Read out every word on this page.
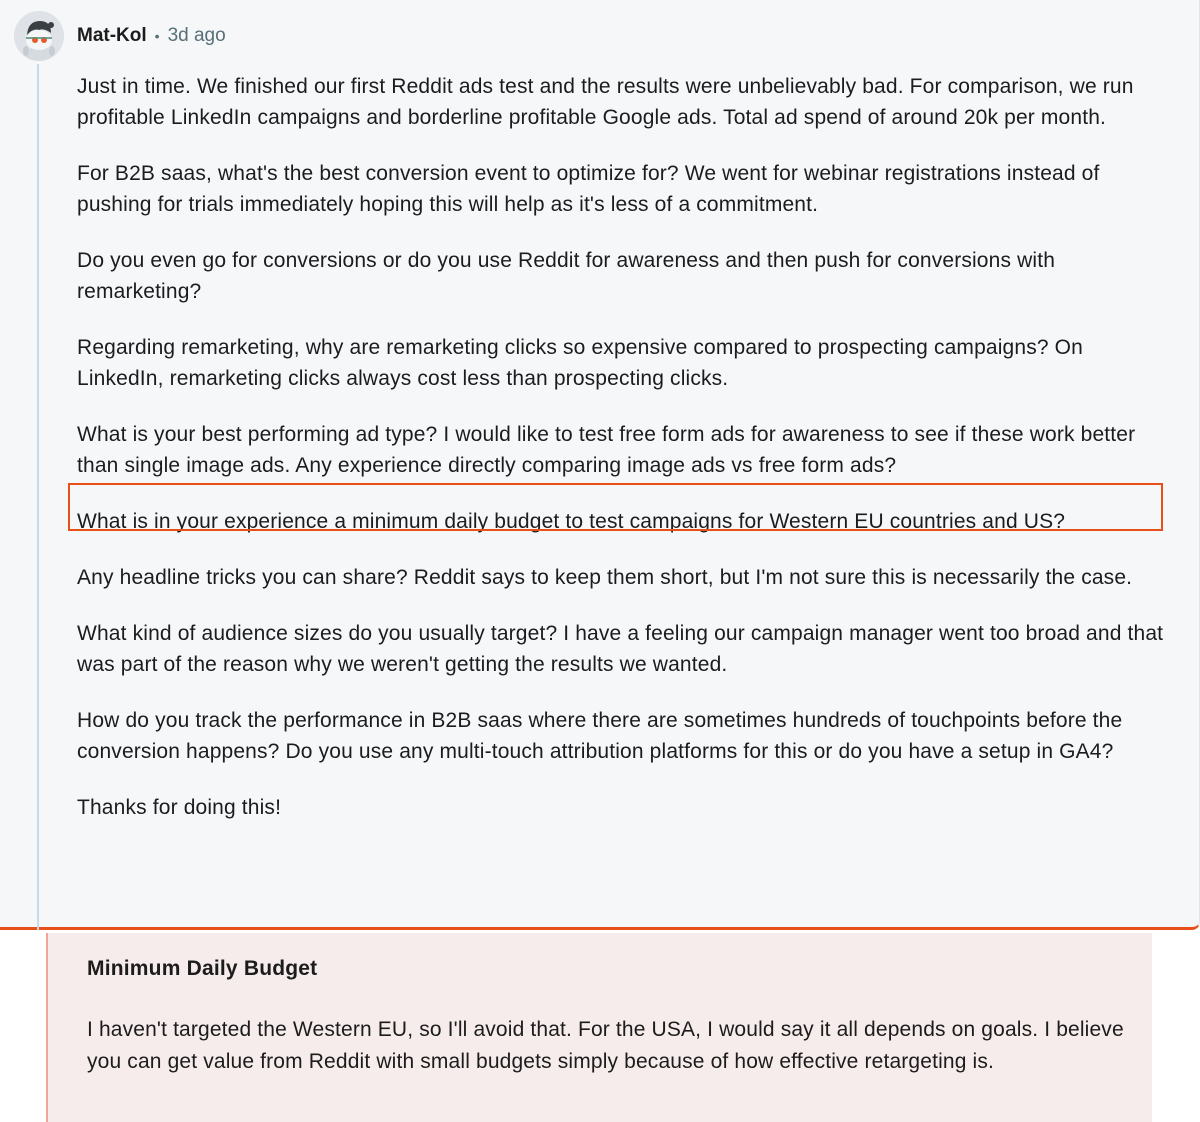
Mat-Kol • 3d ago

Just in time. We finished our first Reddit ads test and the results were unbelievably bad. For comparison, we run profitable LinkedIn campaigns and borderline profitable Google ads. Total ad spend of around 20k per month.

For B2B saas, what's the best conversion event to optimize for? We went for webinar registrations instead of pushing for trials immediately hoping this will help as it's less of a commitment.

Do you even go for conversions or do you use Reddit for awareness and then push for conversions with remarketing?

Regarding remarketing, why are remarketing clicks so expensive compared to prospecting campaigns? On LinkedIn, remarketing clicks always cost less than prospecting clicks.

What is your best performing ad type? I would like to test free form ads for awareness to see if these work better than single image ads. Any experience directly comparing image ads vs free form ads?

What is in your experience a minimum daily budget to test campaigns for Western EU countries and US?

Any headline tricks you can share? Reddit says to keep them short, but I'm not sure this is necessarily the case.

What kind of audience sizes do you usually target? I have a feeling our campaign manager went too broad and that was part of the reason why we weren't getting the results we wanted.

How do you track the performance in B2B saas where there are sometimes hundreds of touchpoints before the conversion happens? Do you use any multi-touch attribution platforms for this or do you have a setup in GA4?

Thanks for doing this!

Minimum Daily Budget

I haven't targeted the Western EU, so I'll avoid that. For the USA, I would say it all depends on goals. I believe you can get value from Reddit with small budgets simply because of how effective retargeting is.
